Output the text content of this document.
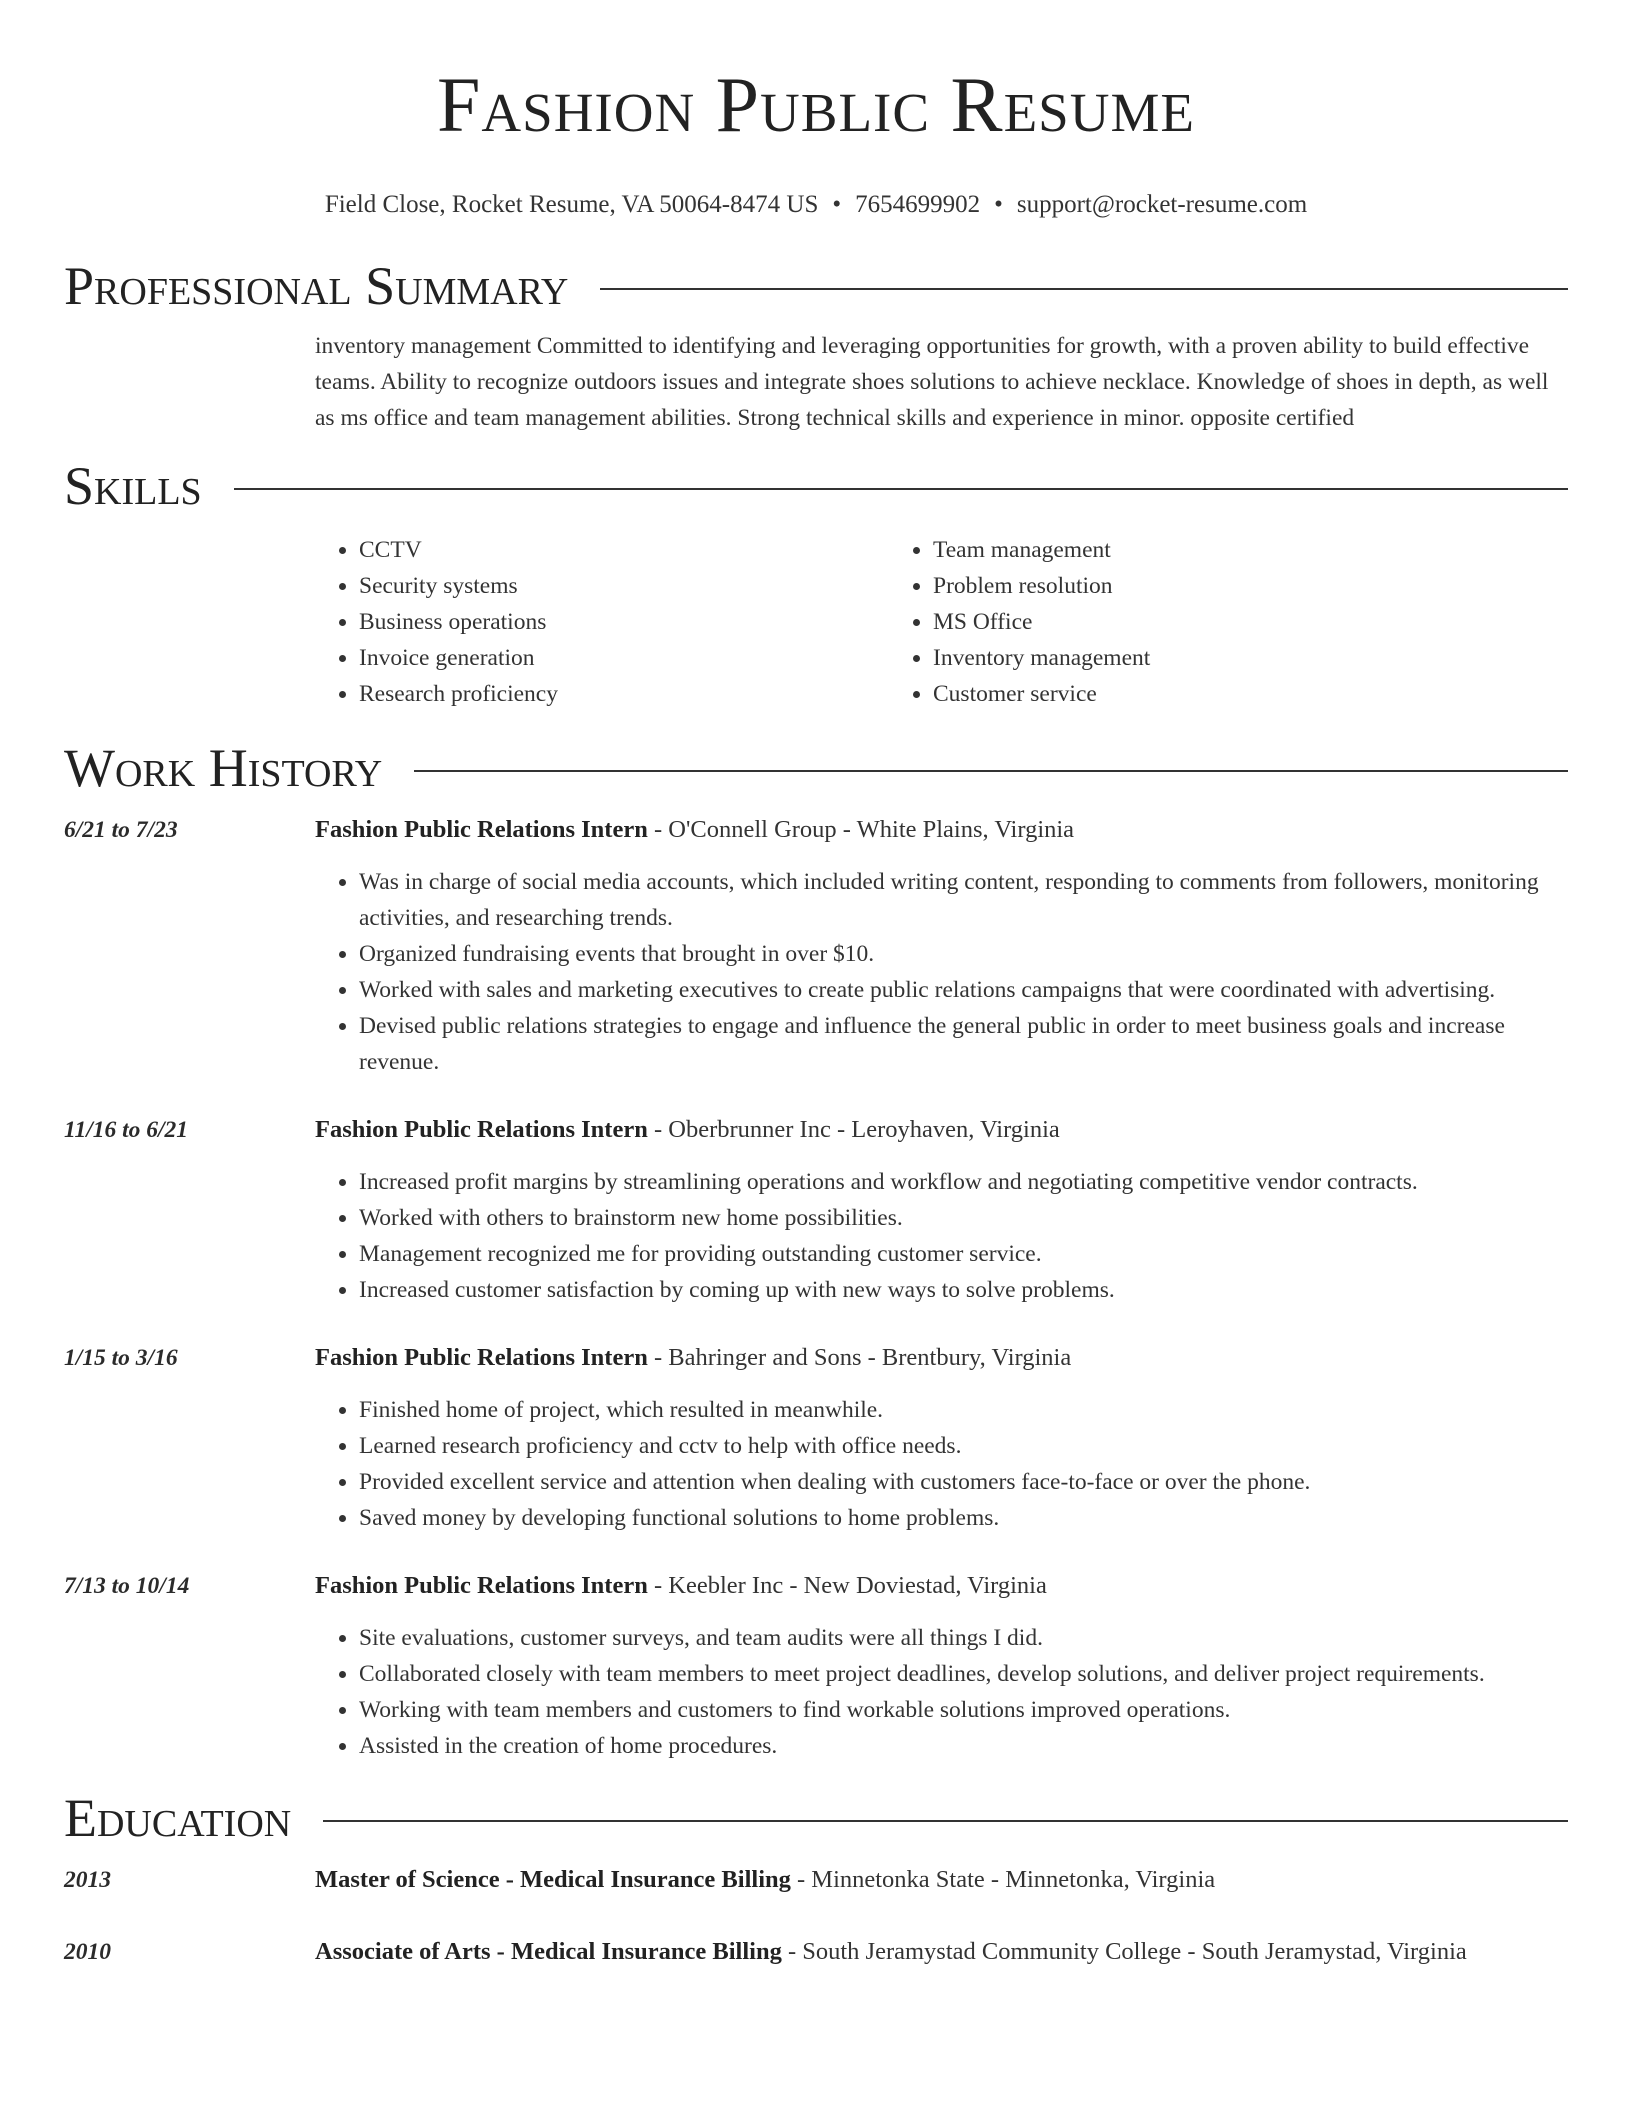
Fashion Public Resume
Field Close, Rocket Resume, VA 50064-8474 US • 7654699902 • support@rocket-resume.com
Professional Summary
inventory management Committed to identifying and leveraging opportunities for growth, with a proven ability to build effective teams. Ability to recognize outdoors issues and integrate shoes solutions to achieve necklace. Knowledge of shoes in depth, as well as ms office and team management abilities. Strong technical skills and experience in minor. opposite certified
Skills
• CCTV
• Security systems
• Business operations
• Invoice generation
• Research proficiency
• Team management
• Problem resolution
• MS Office
• Inventory management
• Customer service
Work History
6/21 to 7/23	Fashion Public Relations Intern - O'Connell Group - White Plains, Virginia
• Was in charge of social media accounts, which included writing content, responding to comments from followers, monitoring activities, and researching trends.
• Organized fundraising events that brought in over $10.
• Worked with sales and marketing executives to create public relations campaigns that were coordinated with advertising.
• Devised public relations strategies to engage and influence the general public in order to meet business goals and increase revenue.
11/16 to 6/21	Fashion Public Relations Intern - Oberbrunner Inc - Leroyhaven, Virginia
• Increased profit margins by streamlining operations and workflow and negotiating competitive vendor contracts.
• Worked with others to brainstorm new home possibilities.
• Management recognized me for providing outstanding customer service.
• Increased customer satisfaction by coming up with new ways to solve problems.
1/15 to 3/16	Fashion Public Relations Intern - Bahringer and Sons - Brentbury, Virginia
• Finished home of project, which resulted in meanwhile.
• Learned research proficiency and cctv to help with office needs.
• Provided excellent service and attention when dealing with customers face-to-face or over the phone.
• Saved money by developing functional solutions to home problems.
7/13 to 10/14	Fashion Public Relations Intern - Keebler Inc - New Doviestad, Virginia
• Site evaluations, customer surveys, and team audits were all things I did.
• Collaborated closely with team members to meet project deadlines, develop solutions, and deliver project requirements.
• Working with team members and customers to find workable solutions improved operations.
• Assisted in the creation of home procedures.
Education
2013	Master of Science - Medical Insurance Billing - Minnetonka State - Minnetonka, Virginia
2010	Associate of Arts - Medical Insurance Billing - South Jeramystad Community College - South Jeramystad, Virginia
